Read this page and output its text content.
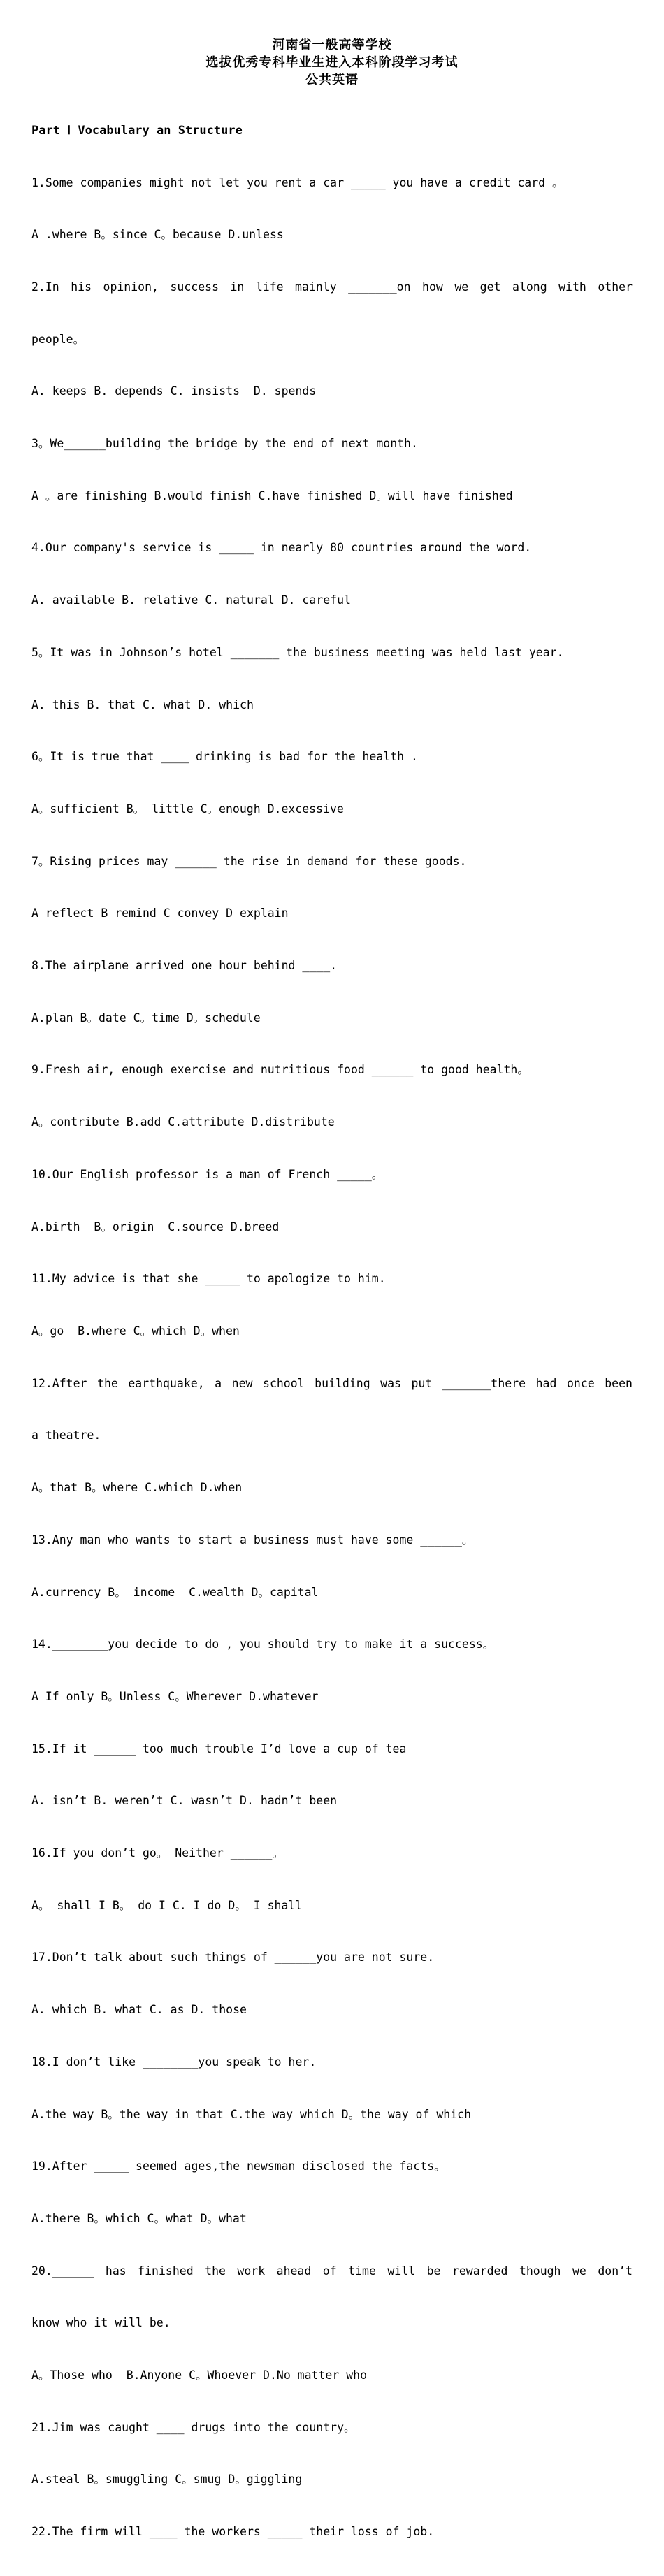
河南省一般高等学校
选拔优秀专科毕业生进入本科阶段学习考试
公共英语

Part Ⅰ Vocabulary an Structure

1.Some companies might not let you rent a car _____ you have a credit card 。

A .where B。since C。because D.unless

2.In his opinion, success in life mainly _______on how we get along with other

people。

A. keeps B. depends C. insists  D. spends

3。We______building the bridge by the end of next month.

A 。are finishing B.would finish C.have finished D。will have finished

4.Our company's service is _____ in nearly 80 countries around the word.

A. available B. relative C. natural D. careful

5。It was in Johnson’s hotel _______ the business meeting was held last year.

A. this B. that C. what D. which

6。It is true that ____ drinking is bad for the health .

A。sufficient B。 little C。enough D.excessive

7。Rising prices may ______ the rise in demand for these goods.

A reflect B remind C convey D explain

8.The airplane arrived one hour behind ____.

A.plan B。date C。time D。schedule

9.Fresh air, enough exercise and nutritious food ______ to good health。

A。contribute B.add C.attribute D.distribute

10.Our English professor is a man of French _____。

A.birth  B。origin  C.source D.breed

11.My advice is that she _____ to apologize to him.

A。go  B.where C。which D。when

12.After the earthquake, a new school building was put _______there had once been

a theatre.

A。that B。where C.which D.when

13.Any man who wants to start a business must have some ______。

A.currency B。 income  C.wealth D。capital

14.________you decide to do , you should try to make it a success。

A If only B。Unless C。Wherever D.whatever

15.If it ______ too much trouble I’d love a cup of tea

A. isn’t B. weren’t C. wasn’t D. hadn’t been

16.If you don’t go。 Neither ______。

A。 shall I B。 do I C. I do D。 I shall

17.Don’t talk about such things of ______you are not sure.

A. which B. what C. as D. those

18.I don’t like ________you speak to her.

A.the way B。the way in that C.the way which D。the way of which

19.After _____ seemed ages,the newsman disclosed the facts。

A.there B。which C。what D。what

20.______ has finished the work ahead of time will be rewarded though we don’t

know who it will be.

A。Those who  B.Anyone C。Whoever D.No matter who

21.Jim was caught ____ drugs into the country。

A.steal B。smuggling C。smug D。giggling

22.The firm will ____ the workers _____ their loss of job.
